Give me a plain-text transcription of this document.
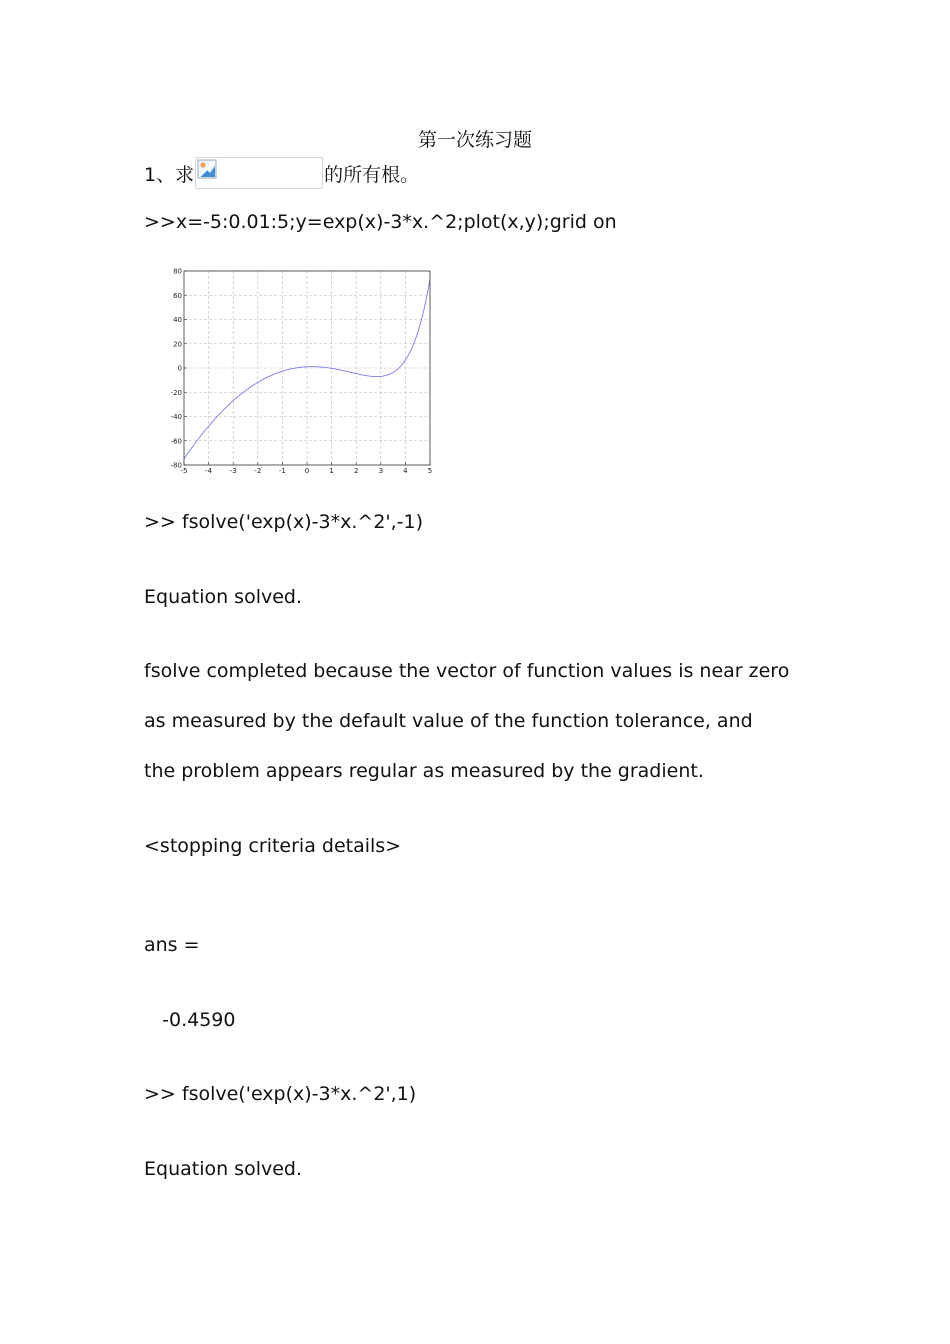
第一次练习题
1、求	的所有根。
>>x=-5:0.01:5;y=exp(x)-3*x.^2;plot(x,y);grid on
-5	-4	-3	-2	-1	0	1	2	3	4	5
80
60
40
20
0
-20
-40
-60
-80
>> fsolve('exp(x)-3*x.^2',-1)
Equation solved.
fsolve completed because the vector of function values is near zero
as measured by the default value of the function tolerance, and
the problem appears regular as measured by the gradient.
<stopping criteria details>
ans =
-0.4590
>> fsolve('exp(x)-3*x.^2',1)
Equation solved.
